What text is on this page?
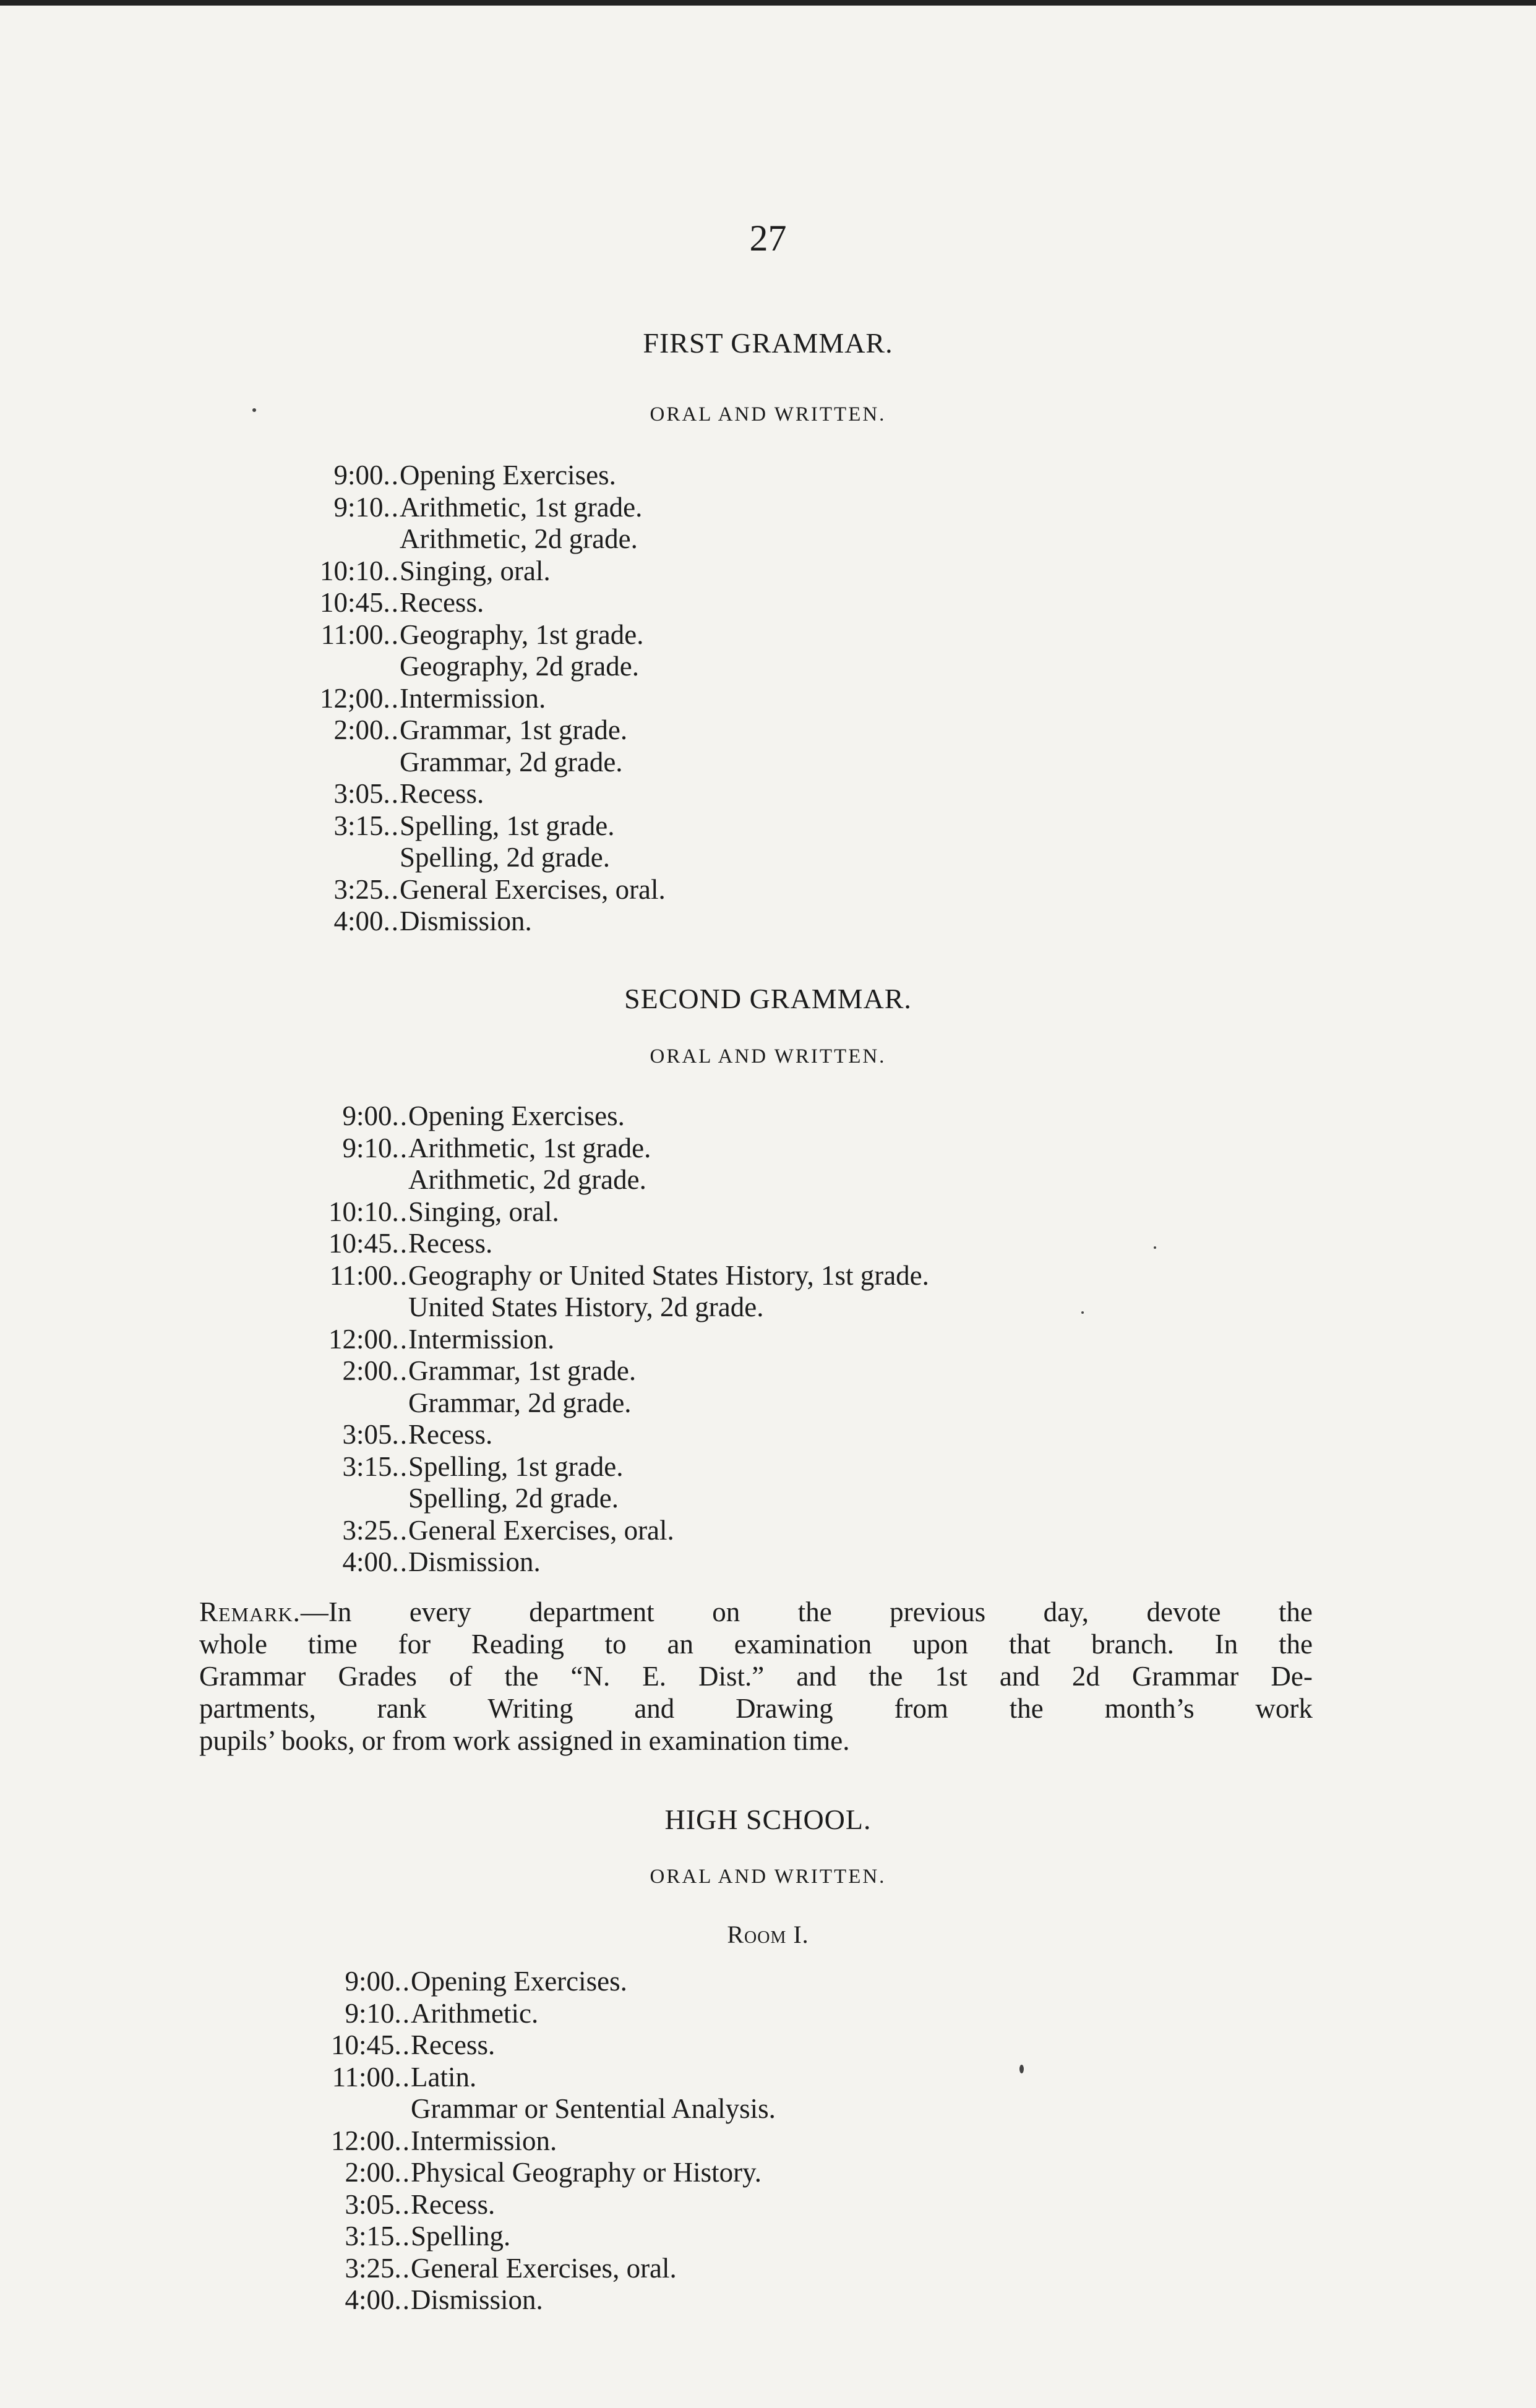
27
FIRST GRAMMAR.
ORAL AND WRITTEN.
9:00.. Opening Exercises.
9:10.. Arithmetic, 1st grade.
Arithmetic, 2d grade.
10:10.. Singing, oral.
10:45.. Recess.
11:00.. Geography, 1st grade.
Geography, 2d grade.
12;00.. Intermission.
2:00.. Grammar, 1st grade.
Grammar, 2d grade.
3:05.. Recess.
3:15.. Spelling, 1st grade.
Spelling, 2d grade.
3:25.. General Exercises, oral.
4:00.. Dismission.
SECOND GRAMMAR.
ORAL AND WRITTEN.
9:00.. Opening Exercises.
9:10.. Arithmetic, 1st grade.
Arithmetic, 2d grade.
10:10.. Singing, oral.
10:45.. Recess.
11:00.. Geography or United States History, 1st grade.
United States History, 2d grade.
12:00.. Intermission.
2:00.. Grammar, 1st grade.
Grammar, 2d grade.
3:05.. Recess.
3:15.. Spelling, 1st grade.
Spelling, 2d grade.
3:25.. General Exercises, oral.
4:00.. Dismission.
Remark.—In every department on the previous day, devote the
whole time for Reading to an examination upon that branch. In the
Grammar Grades of the “N. E. Dist.” and the 1st and 2d Grammar De-
partments, rank Writing and Drawing from the month’s work
pupils’ books, or from work assigned in examination time.
HIGH SCHOOL.
ORAL AND WRITTEN.
Room I.
9:00.. Opening Exercises.
9:10.. Arithmetic.
10:45.. Recess.
11:00.. Latin.
Grammar or Sentential Analysis.
12:00.. Intermission.
2:00.. Physical Geography or History.
3:05.. Recess.
3:15.. Spelling.
3:25.. General Exercises, oral.
4:00.. Dismission.
